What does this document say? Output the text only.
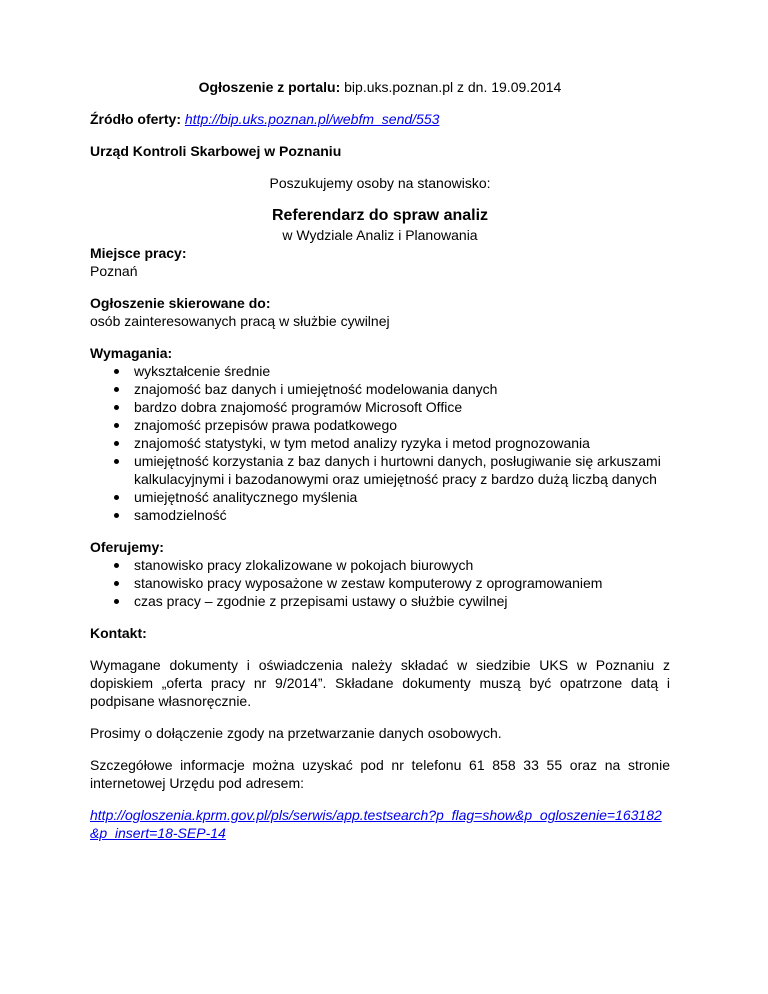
Ogłoszenie z portalu: bip.uks.poznan.pl z dn. 19.09.2014

Źródło oferty: http://bip.uks.poznan.pl/webfm_send/553

Urząd Kontroli Skarbowej w Poznaniu

Poszukujemy osoby na stanowisko:

Referendarz do spraw analiz

w Wydziale Analiz i Planowania

Miejsce pracy:

Poznań

Ogłoszenie skierowane do:

osób zainteresowanych pracą w służbie cywilnej

Wymagania:

wykształcenie średnie
znajomość baz danych i umiejętność modelowania danych
bardzo dobra znajomość programów Microsoft Office
znajomość przepisów prawa podatkowego
znajomość statystyki, w tym metod analizy ryzyka i metod prognozowania
umiejętność korzystania z baz danych i hurtowni danych, posługiwanie się arkuszami kalkulacyjnymi i bazodanowymi oraz umiejętność pracy z bardzo dużą liczbą danych
umiejętność analitycznego myślenia
samodzielność

Oferujemy:

stanowisko pracy zlokalizowane w pokojach biurowych
stanowisko pracy wyposażone w zestaw komputerowy z oprogramowaniem
czas pracy – zgodnie z przepisami ustawy o służbie cywilnej

Kontakt:

Wymagane dokumenty i oświadczenia należy składać w siedzibie UKS w Poznaniu z dopiskiem „oferta pracy nr 9/2014”. Składane dokumenty muszą być opatrzone datą i podpisane własnoręcznie.

Prosimy o dołączenie zgody na przetwarzanie danych osobowych.

Szczegółowe informacje można uzyskać pod nr telefonu 61 858 33 55 oraz na stronie internetowej Urzędu pod adresem:

http://ogloszenia.kprm.gov.pl/pls/serwis/app.testsearch?p_flag=show&p_ogloszenie=163182
&p_insert=18-SEP-14
